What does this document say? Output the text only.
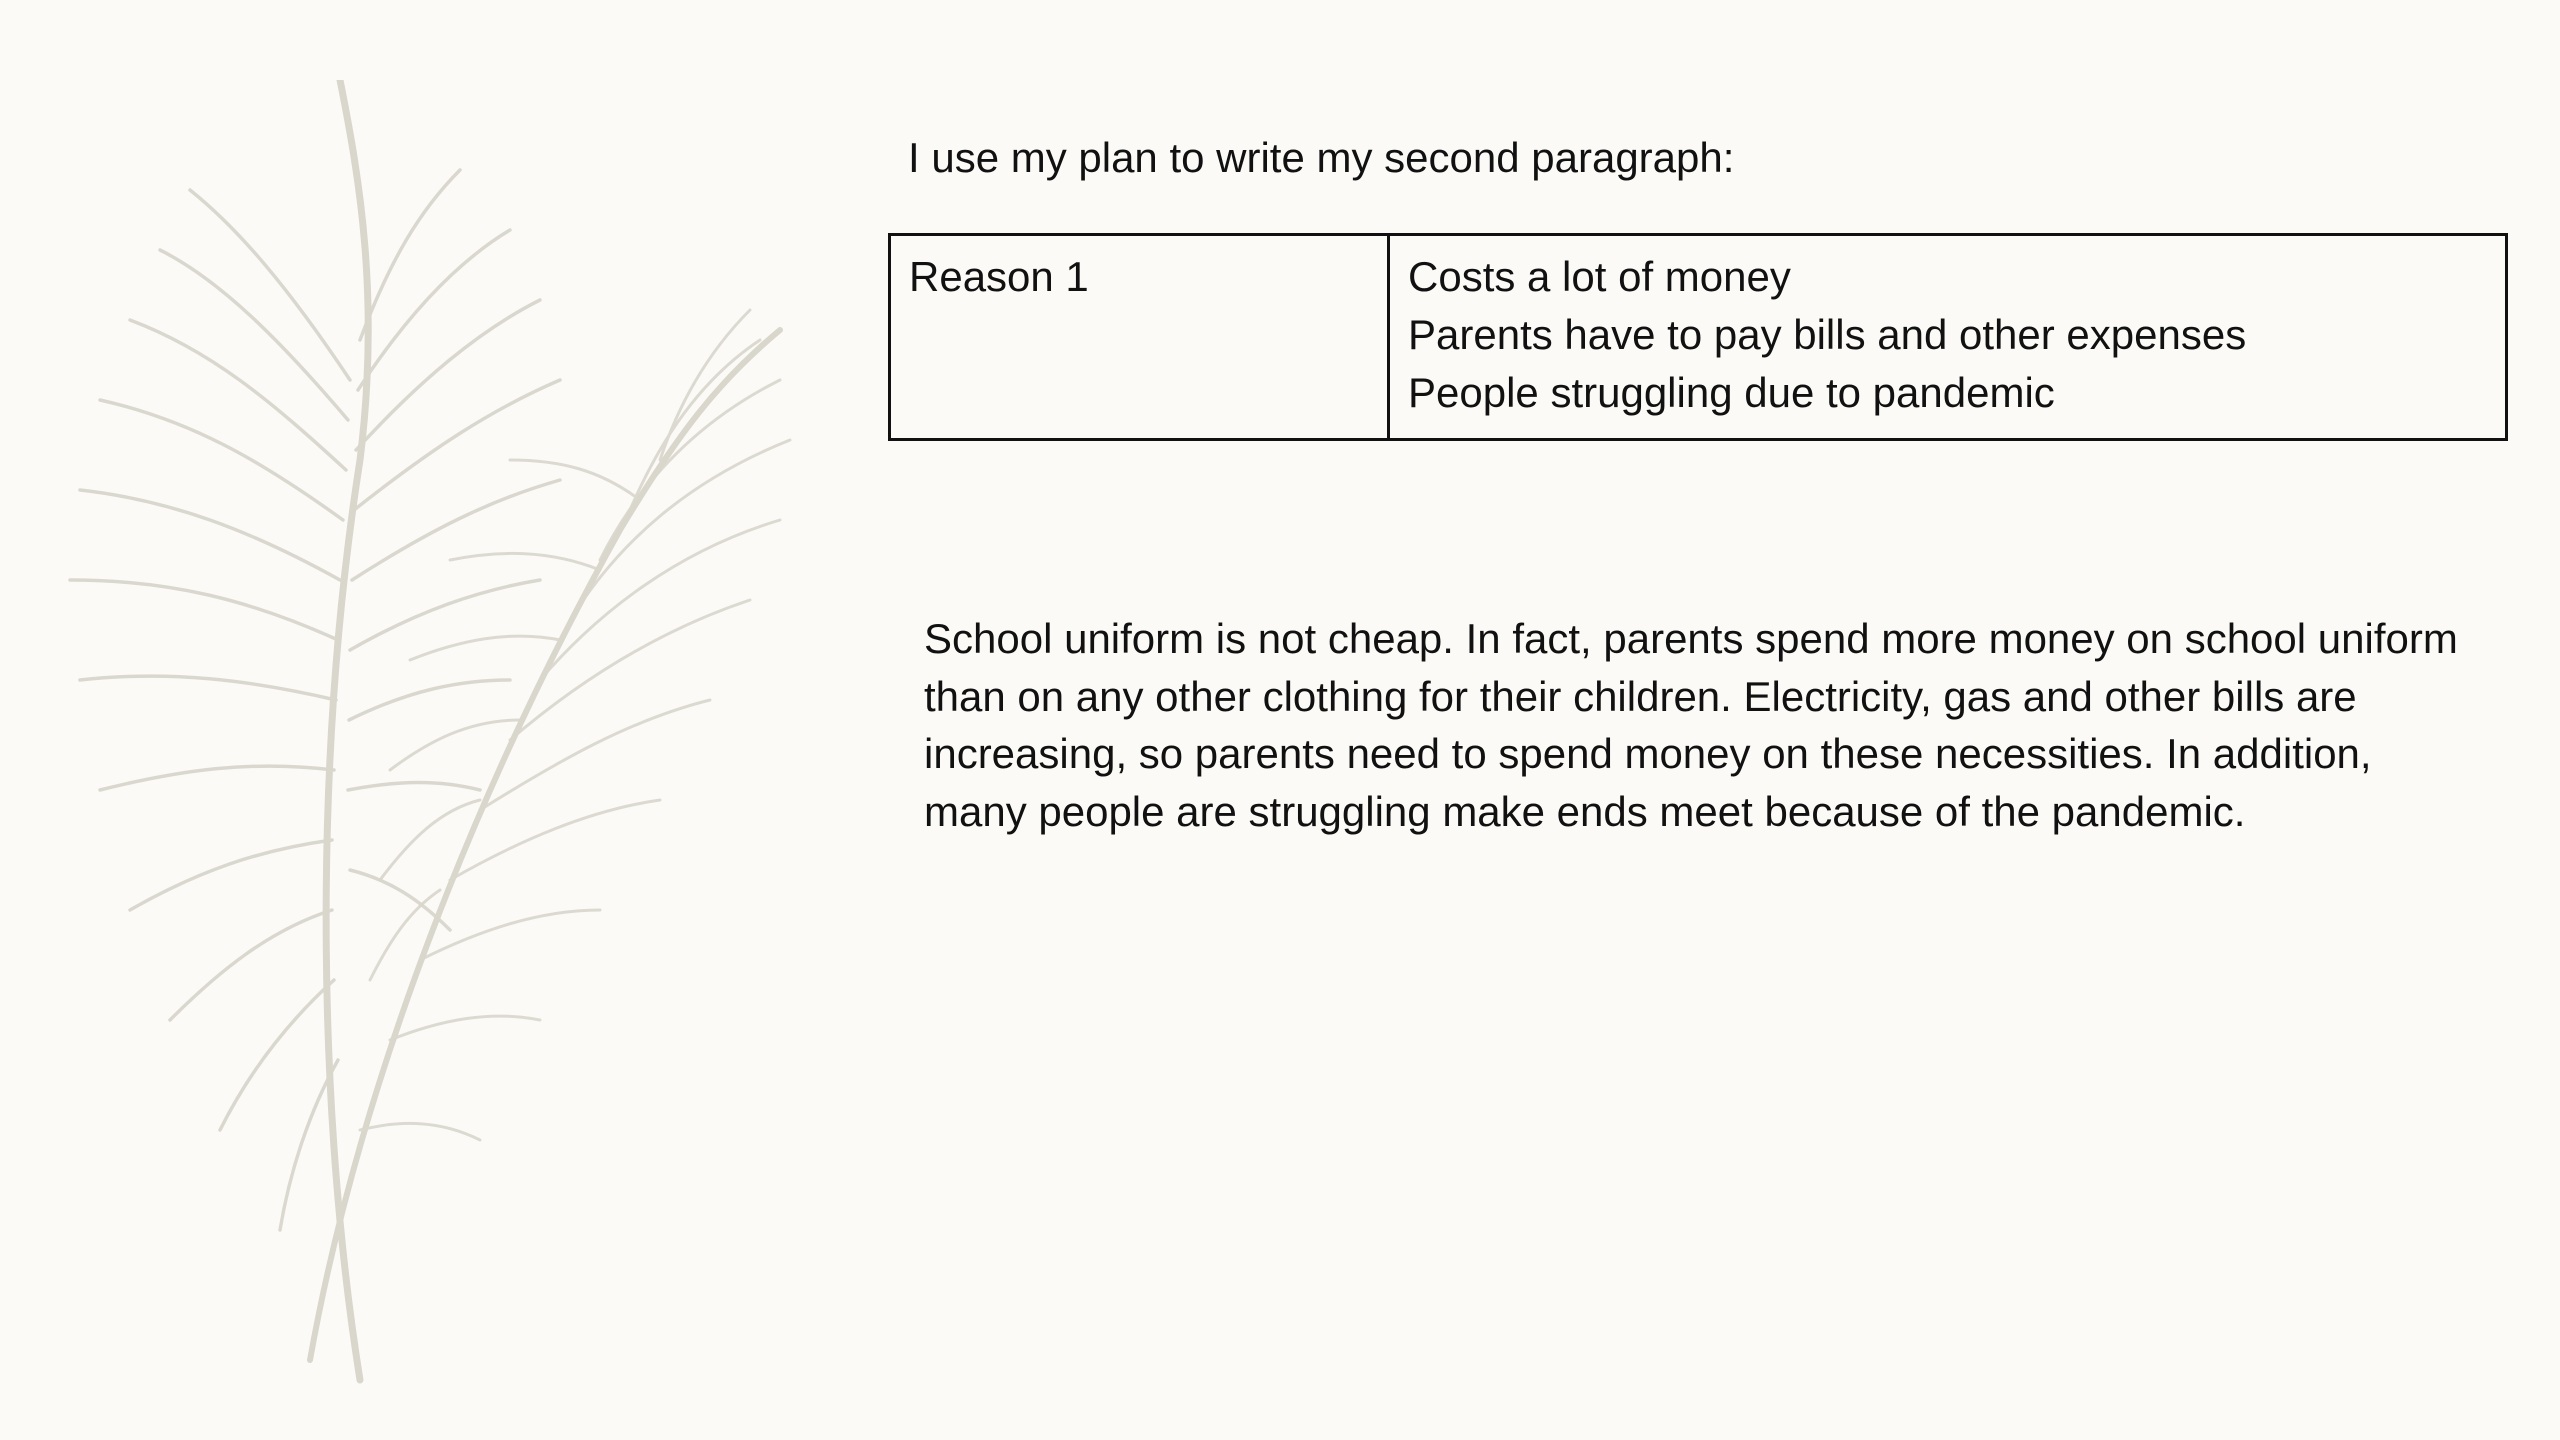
I use my plan to write my second paragraph:
Reason 1	Costs a lot of money
Parents have to pay bills and other expenses
People struggling due to pandemic
School uniform is not cheap. In fact, parents spend more money on school uniform than on any other clothing for their children. Electricity, gas and other bills are increasing, so parents need to spend money on these necessities. In addition, many people are struggling make ends meet because of the pandemic.
